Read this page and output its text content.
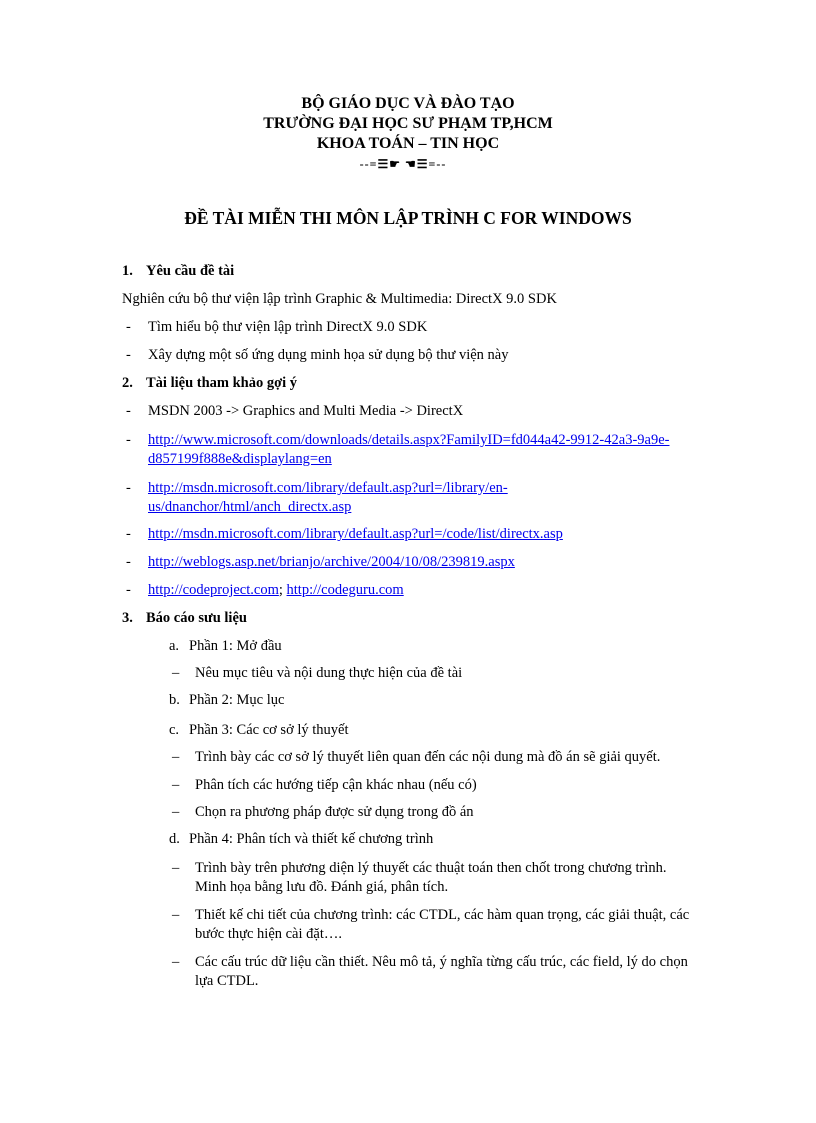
BỘ GIÁO DỤC VÀ ĐÀO TẠO
TRƯỜNG ĐẠI HỌC SƯ PHẠM TP,HCM
KHOA TOÁN – TIN HỌC
--=☰☛ ☚☰=--
ĐỀ TÀI MIỄN THI MÔN LẬP TRÌNH C FOR WINDOWS
1. Yêu cầu đề tài
Nghiên cứu bộ thư viện lập trình Graphic & Multimedia: DirectX 9.0 SDK
- Tìm hiểu bộ thư viện lập trình DirectX 9.0 SDK
- Xây dựng một số ứng dụng minh họa sử dụng bộ thư viện này
2. Tài liệu tham khảo gợi ý
- MSDN 2003 -> Graphics and Multi Media -> DirectX
- http://www.microsoft.com/downloads/details.aspx?FamilyID=fd044a42-9912-42a3-9a9e-
d857199f888e&displaylang=en
- http://msdn.microsoft.com/library/default.asp?url=/library/en-
us/dnanchor/html/anch_directx.asp
- http://msdn.microsoft.com/library/default.asp?url=/code/list/directx.asp
- http://weblogs.asp.net/brianjo/archive/2004/10/08/239819.aspx
- http://codeproject.com; http://codeguru.com
3. Báo cáo sưu liệu
a. Phần 1: Mở đầu
– Nêu mục tiêu và nội dung thực hiện của đề tài
b. Phần 2: Mục lục
c. Phần 3: Các cơ sở lý thuyết
– Trình bày các cơ sở lý thuyết liên quan đến các nội dung mà đồ án sẽ giải quyết.
– Phân tích các hướng tiếp cận khác nhau (nếu có)
– Chọn ra phương pháp được sử dụng trong đồ án
d. Phần 4: Phân tích và thiết kế chương trình
– Trình bày trên phương diện lý thuyết các thuật toán then chốt trong chương trình.
Minh họa bằng lưu đồ. Đánh giá, phân tích.
– Thiết kế chi tiết của chương trình: các CTDL, các hàm quan trọng, các giải thuật, các
bước thực hiện cài đặt….
– Các cấu trúc dữ liệu cần thiết. Nêu mô tả, ý nghĩa từng cấu trúc, các field, lý do chọn
lựa CTDL.
